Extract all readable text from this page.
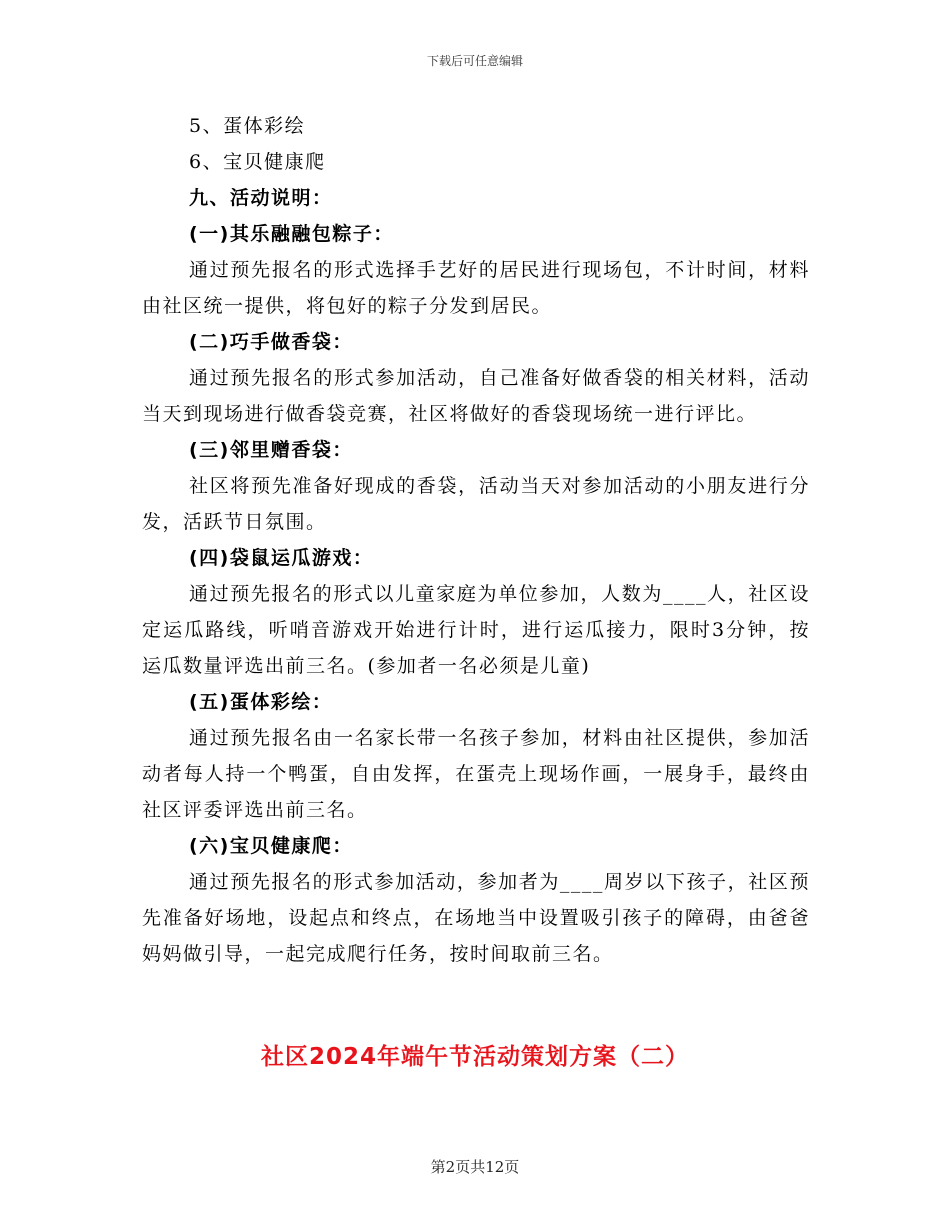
下载后可任意编辑
5、蛋体彩绘
6、宝贝健康爬
九、活动说明：
(一)其乐融融包粽子：
通过预先报名的形式选择手艺好的居民进行现场包，不计时间，材料由社区统一提供，将包好的粽子分发到居民。
(二)巧手做香袋：
通过预先报名的形式参加活动，自己准备好做香袋的相关材料，活动当天到现场进行做香袋竞赛，社区将做好的香袋现场统一进行评比。
(三)邻里赠香袋：
社区将预先准备好现成的香袋，活动当天对参加活动的小朋友进行分发，活跃节日氛围。
(四)袋鼠运瓜游戏：
通过预先报名的形式以儿童家庭为单位参加，人数为____人，社区设定运瓜路线，听哨音游戏开始进行计时，进行运瓜接力，限时3分钟，按运瓜数量评选出前三名。(参加者一名必须是儿童)
(五)蛋体彩绘：
通过预先报名由一名家长带一名孩子参加，材料由社区提供，参加活动者每人持一个鸭蛋，自由发挥，在蛋壳上现场作画，一展身手，最终由社区评委评选出前三名。
(六)宝贝健康爬：
通过预先报名的形式参加活动，参加者为____周岁以下孩子，社区预先准备好场地，设起点和终点，在场地当中设置吸引孩子的障碍，由爸爸妈妈做引导，一起完成爬行任务，按时间取前三名。
社区2024年端午节活动策划方案（二）
第2页共12页
